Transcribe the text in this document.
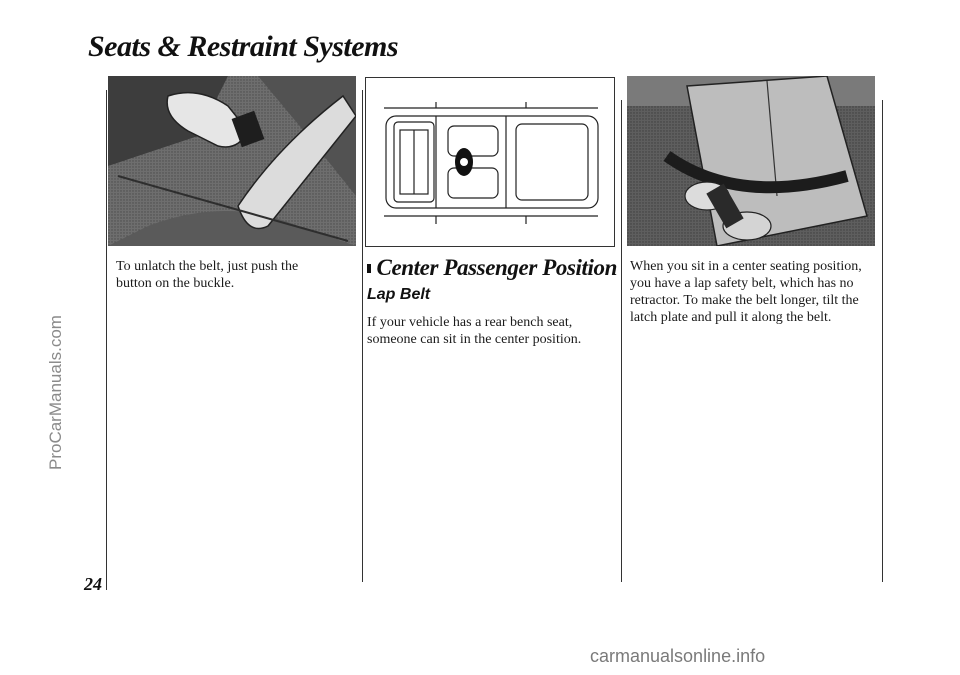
Seats & Restraint Systems
ProCarManuals.com
24
To unlatch the belt, just push the button on the buckle.
Center Passenger Position
Lap Belt
If your vehicle has a rear bench seat, someone can sit in the center position.
When you sit in a center seating position, you have a lap safety belt, which has no retractor. To make the belt longer, tilt the latch plate and pull it along the belt.
carmanualsonline.info
